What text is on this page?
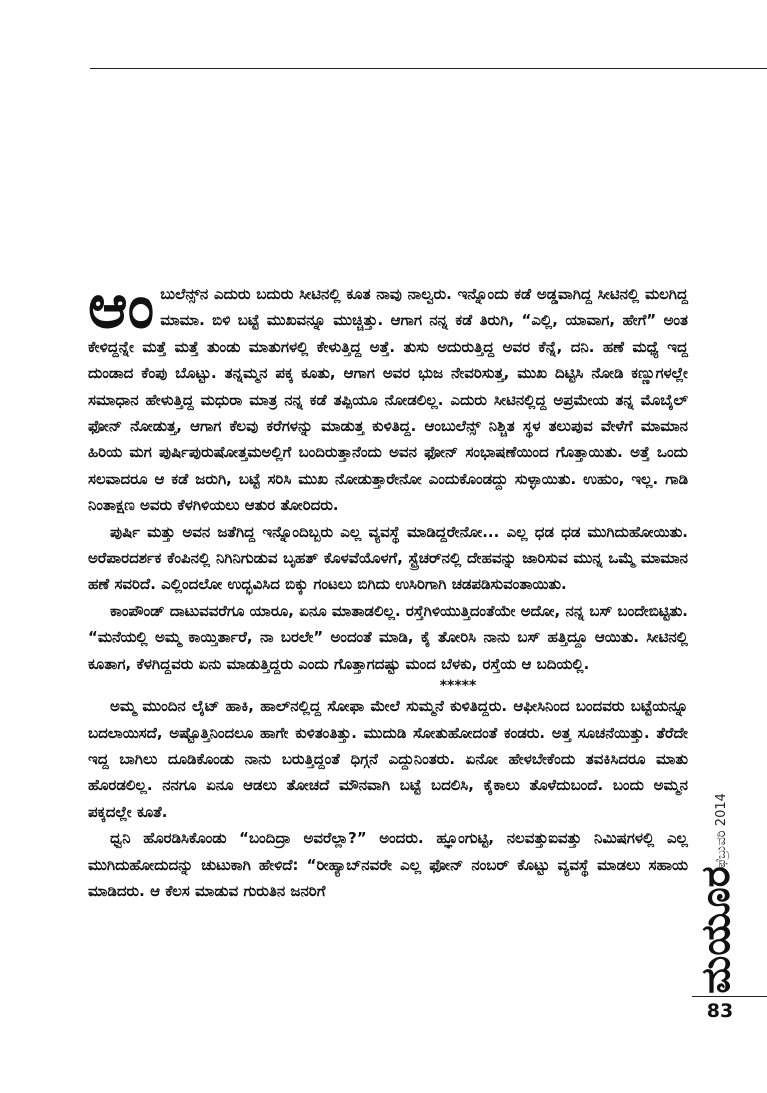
ಆಂ ಬುಲೆನ್ಸ್‌ನ ಎದುರು ಬದುರು ಸೀಟಿನಲ್ಲಿ ಕೂತ ನಾವು ನಾಲ್ವರು. ಇನ್ನೊಂದು ಕಡೆ ಅಡ್ಡವಾಗಿದ್ದ ಸೀಟಿನಲ್ಲಿ ಮಲಗಿದ್ದ ಮಾಮಾ. ಬಿಳಿ ಬಟ್ಟೆ ಮುಖವನ್ನೂ ಮುಚ್ಚಿತ್ತು. ಆಗಾಗ ನನ್ನ ಕಡೆ ತಿರುಗಿ, “ಎಲ್ಲಿ, ಯಾವಾಗ, ಹೇಗೆ” ಅಂತ ಕೇಳಿದ್ದನ್ನೇ ಮತ್ತೆ ಮತ್ತೆ ತುಂಡು ಮಾತುಗಳಲ್ಲಿ ಕೇಳುತ್ತಿದ್ದ ಅತ್ತೆ. ತುಸು ಅದುರುತ್ತಿದ್ದ ಅವರ ಕೆನ್ನೆ, ದನಿ. ಹಣೆ ಮಧ್ಯೆ ಇದ್ದ ದುಂಡಾದ ಕೆಂಪು ಬೊಟ್ಟು. ತನ್ನಮ್ಮನ ಪಕ್ಕ ಕೂತು, ಆಗಾಗ ಅವರ ಭುಜ ನೇವರಿಸುತ್ತ, ಮುಖ ದಿಟ್ಟಿಸಿ ನೋಡಿ ಕಣ್ಣುಗಳಲ್ಲೇ ಸಮಾಧಾನ ಹೇಳುತ್ತಿದ್ದ ಮಧುರಾ ಮಾತ್ರ ನನ್ನ ಕಡೆ ತಪ್ಪಿಯೂ ನೋಡಲಿಲ್ಲ. ಎದುರು ಸೀಟಿನಲ್ಲಿದ್ದ ಅಪ್ರಮೇಯ ತನ್ನ ಮೊಬೈಲ್ ಫೋನ್ ನೋಡುತ್ತ, ಆಗಾಗ ಕೆಲವು ಕರೆಗಳನ್ನು ಮಾಡುತ್ತ ಕುಳಿತಿದ್ದ. ಆಂಬುಲೆನ್ಸ್ ನಿಶ್ಚಿತ ಸ್ಥಳ ತಲುಪುವ ವೇಳೆಗೆ ಮಾಮಾನ ಹಿರಿಯ ಮಗ ಪುರ್ಷಿಪುರುಷೋತ್ತಮಅಲ್ಲಿಗೆ ಬಂದಿರುತ್ತಾನೆಂದು ಅವನ ಫೋನ್ ಸಂಭಾಷಣೆಯಿಂದ ಗೊತ್ತಾಯಿತು. ಅತ್ತೆ ಒಂದು ಸಲವಾದರೂ ಆ ಕಡೆ ಜರುಗಿ, ಬಟ್ಟೆ ಸರಿಸಿ ಮುಖ ನೋಡುತ್ತಾರೇನೋ ಎಂದುಕೊಂಡದ್ದು ಸುಳ್ಳಾಯಿತು. ಉಹುಂ, ಇಲ್ಲ. ಗಾಡಿ ನಿಂತಾಕ್ಷಣ ಅವರು ಕೆಳಗಿಳಿಯಲು ಆತುರ ತೋರಿದರು.

ಪುರ್ಷಿ ಮತ್ತು ಅವನ ಜತೆಗಿದ್ದ ಇನ್ನೊಂದಿಬ್ಬರು ಎಲ್ಲ ವ್ಯವಸ್ಥೆ ಮಾಡಿದ್ದರೇನೋ... ಎಲ್ಲ ಧಡ ಧಡ ಮುಗಿದುಹೋಯಿತು. ಅರೆಪಾರದರ್ಶಕ ಕೆಂಪಿನಲ್ಲಿ ನಿಗಿನಿಗುಡುವ ಬೃಹತ್ ಕೊಳವೆಯೊಳಗೆ, ಸ್ಟ್ರೆಚರ್‌ನಲ್ಲಿ ದೇಹವನ್ನು ಜಾರಿಸುವ ಮುನ್ನ ಒಮ್ಮೆ ಮಾಮಾನ ಹಣೆ ಸವರಿದೆ. ಎಲ್ಲಿಂದಲೋ ಉದ್ಭವಿಸಿದ ಬಿಕ್ಕು ಗಂಟಲು ಬಿಗಿದು ಉಸಿರಿಗಾಗಿ ಚಡಪಡಿಸುವಂತಾಯಿತು.

ಕಾಂಪೌಂಡ್ ದಾಟುವವರೆಗೂ ಯಾರೂ, ಏನೂ ಮಾತಾಡಲಿಲ್ಲ. ರಸ್ತೆಗಿಳಿಯುತ್ತಿದಂತೆಯೇ ಅದೋ, ನನ್ನ ಬಸ್ ಬಂದೇಬಿಟ್ಟಿತು. “ಮನೆಯಲ್ಲಿ ಅಮ್ಮ ಕಾಯ್ತಿರ್ತಾರೆ, ನಾ ಬರಲೇ” ಅಂದಂತೆ ಮಾಡಿ, ಕೈ ತೋರಿಸಿ ನಾನು ಬಸ್ ಹತ್ತಿದ್ದೂ ಆಯಿತು. ಸೀಟಿನಲ್ಲಿ ಕೂತಾಗ, ಕೆಳಗಿದ್ದವರು ಏನು ಮಾಡುತ್ತಿದ್ದರು ಎಂದು ಗೊತ್ತಾಗದಷ್ಟು ಮಂದ ಬೆಳಕು, ರಸ್ತೆಯ ಆ ಬದಿಯಲ್ಲಿ.

*****

ಅಮ್ಮ ಮುಂದಿನ ಲೈಟ್ ಹಾಕಿ, ಹಾಲ್‌ನಲ್ಲಿದ್ದ ಸೋಫಾ ಮೇಲೆ ಸುಮ್ಮನೆ ಕುಳಿತಿದ್ದರು. ಆಫೀಸಿನಿಂದ ಬಂದವರು ಬಟ್ಟೆಯನ್ನೂ ಬದಲಾಯಿಸದೆ, ಅಷ್ಟೊತ್ತಿನಿಂದಲೂ ಹಾಗೇ ಕುಳಿತಂತಿತ್ತು. ಮುದುಡಿ ಸೋತುಹೋದಂತೆ ಕಂಡರು. ಅತ್ತ ಸೂಚನೆಯಿತ್ತು. ತೆರೆದೇ ಇದ್ದ ಬಾಗಿಲು ದೂಡಿಕೊಂಡು ನಾನು ಬರುತ್ತಿದ್ದಂತೆ ಧಿಗ್ಗನೆ ಎದ್ದುನಿಂತರು. ಏನೋ ಹೇಳಬೇಕೆಂದು ತವಕಿಸಿದರೂ ಮಾತು ಹೊರಡಲಿಲ್ಲ. ನನಗೂ ಏನೂ ಆಡಲು ತೋಚದೆ ಮೌನವಾಗಿ ಬಟ್ಟೆ ಬದಲಿಸಿ, ಕೈಕಾಲು ತೊಳೆದುಬಂದೆ. ಬಂದು ಅಮ್ಮನ ಪಕ್ಕದಲ್ಲೇ ಕೂತೆ.

ಧ್ವನಿ ಹೊರಡಿಸಿಕೊಂಡು “ಬಂದಿದ್ರಾ ಅವರೆಲ್ಲಾ?” ಅಂದರು. ಹ್ಞೂಂಗುಟ್ಟಿ, ನಲವತ್ತುಐವತ್ತು ನಿಮಿಷಗಳಲ್ಲಿ ಎಲ್ಲ ಮುಗಿದುಹೋದುದನ್ನು ಚುಟುಕಾಗಿ ಹೇಳಿದೆ: “ರೀಹ್ಯಾಬ್‌ನವರೇ ಎಲ್ಲ ಫೋನ್ ನಂಬರ್ ಕೊಟ್ಟು ವ್ಯವಸ್ಥೆ ಮಾಡಲು ಸಹಾಯ ಮಾಡಿದರು. ಆ ಕೆಲಸ ಮಾಡುವ ಗುರುತಿನ ಜನರಿಗೆ

ಫೆಬ್ರುವರಿ 2014
ಮಯೂರ
83
